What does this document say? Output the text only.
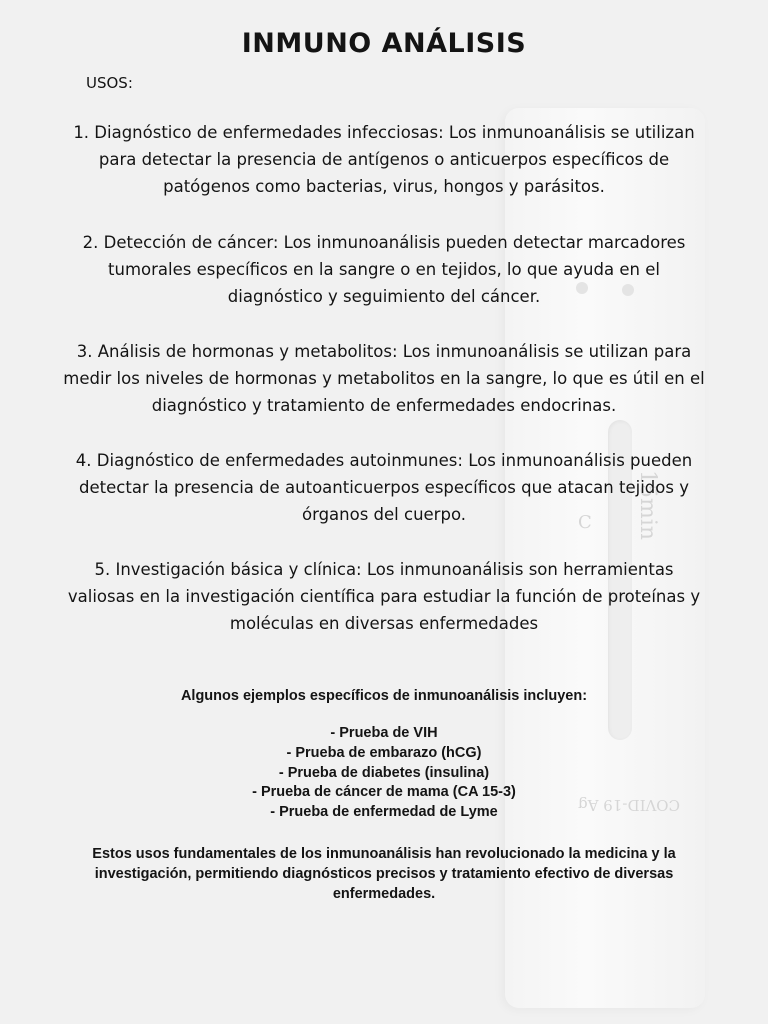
C 15min
COVID-19 Ag
INMUNO ANÁLISIS
USOS:

1. Diagnóstico de enfermedades infecciosas: Los inmunoanálisis se utilizan para detectar la presencia de antígenos o anticuerpos específicos de patógenos como bacterias, virus, hongos y parásitos.

2. Detección de cáncer: Los inmunoanálisis pueden detectar marcadores tumorales específicos en la sangre o en tejidos, lo que ayuda en el diagnóstico y seguimiento del cáncer.

3. Análisis de hormonas y metabolitos: Los inmunoanálisis se utilizan para medir los niveles de hormonas y metabolitos en la sangre, lo que es útil en el diagnóstico y tratamiento de enfermedades endocrinas.

4. Diagnóstico de enfermedades autoinmunes: Los inmunoanálisis pueden detectar la presencia de autoanticuerpos específicos que atacan tejidos y órganos del cuerpo.

5. Investigación básica y clínica: Los inmunoanálisis son herramientas valiosas en la investigación científica para estudiar la función de proteínas y moléculas en diversas enfermedades

Algunos ejemplos específicos de inmunoanálisis incluyen:

- Prueba de VIH
- Prueba de embarazo (hCG)
- Prueba de diabetes (insulina)
- Prueba de cáncer de mama (CA 15-3)
- Prueba de enfermedad de Lyme

Estos usos fundamentales de los inmunoanálisis han revolucionado la medicina y la investigación, permitiendo diagnósticos precisos y tratamiento efectivo de diversas enfermedades.
